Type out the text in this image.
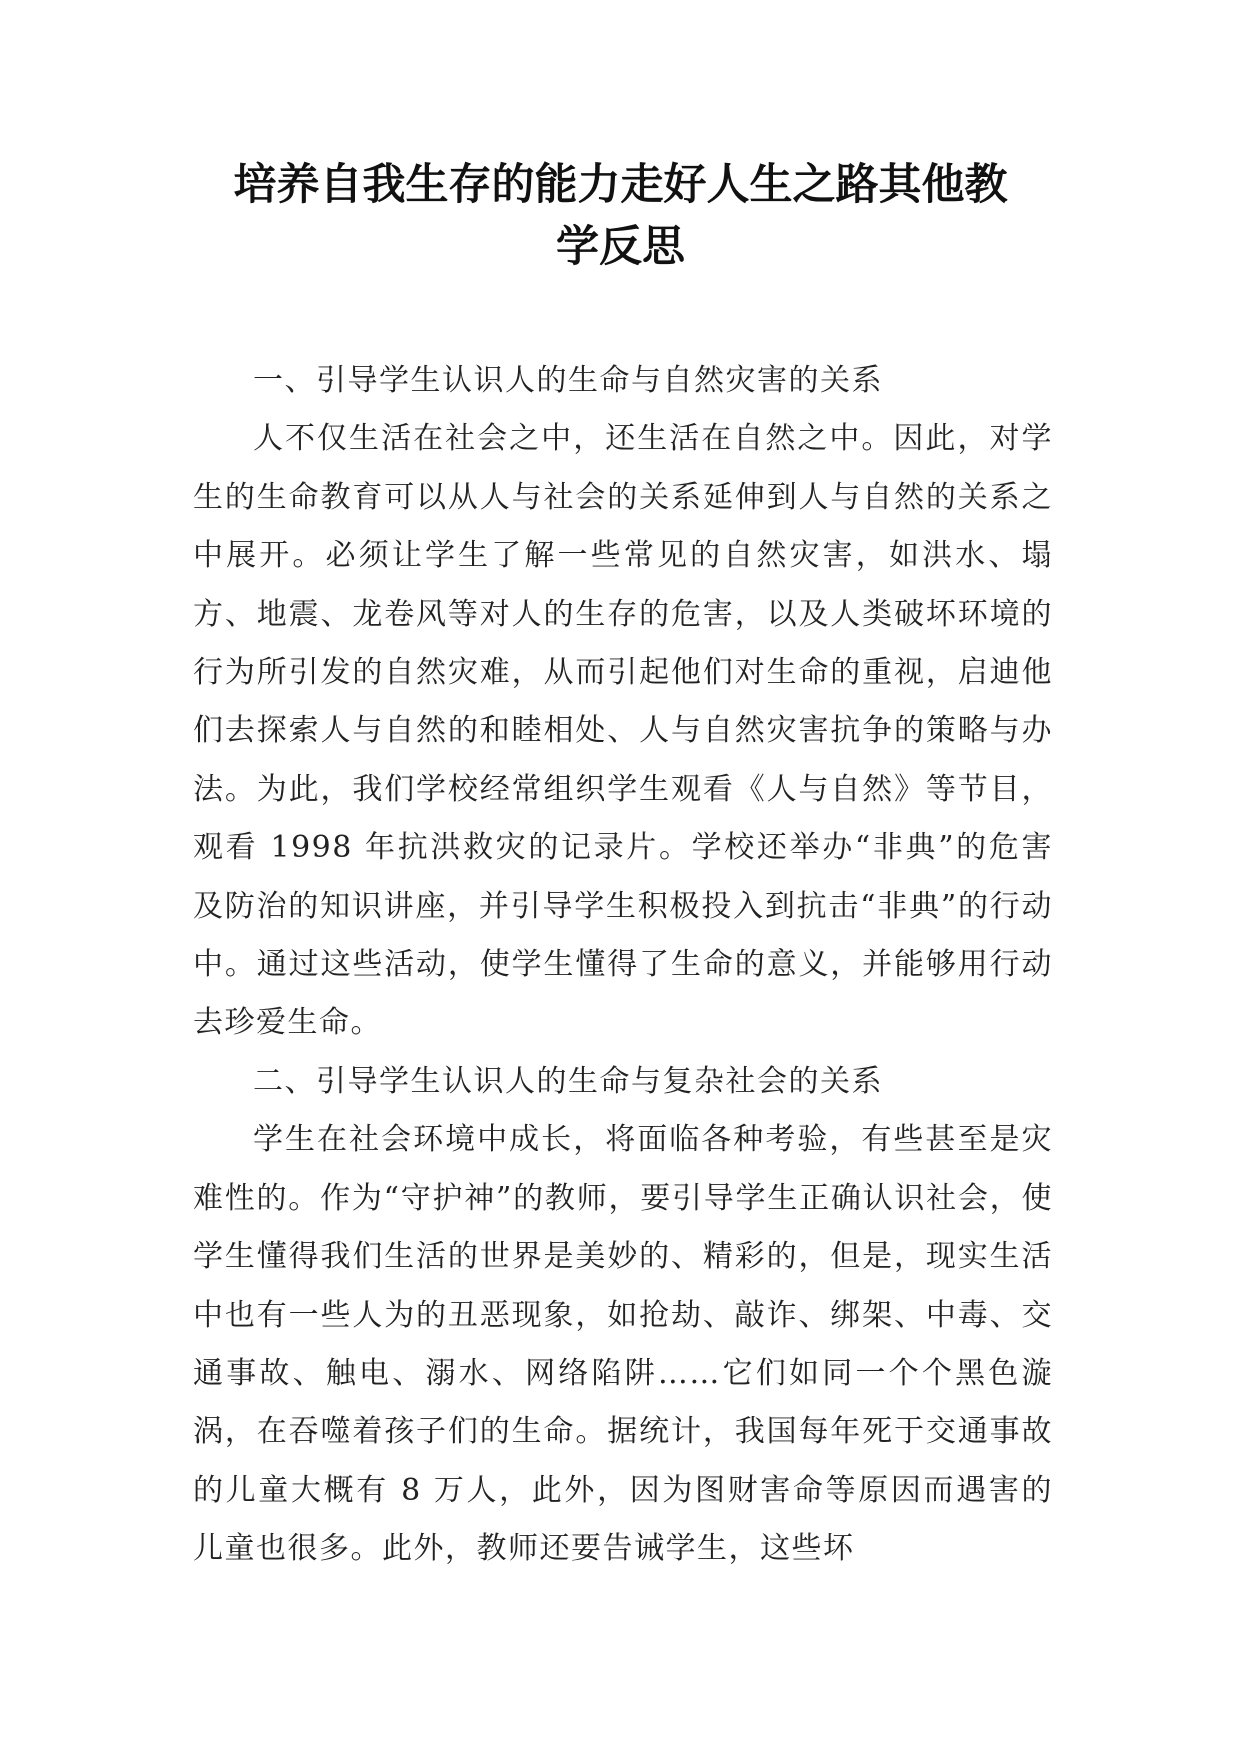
培养自我生存的能力走好人生之路其他教
学反思

一、引导学生认识人的生命与自然灾害的关系

人不仅生活在社会之中，还生活在自然之中。因此，对学生的生命教育可以从人与社会的关系延伸到人与自然的关系之中展开。必须让学生了解一些常见的自然灾害，如洪水、塌方、地震、龙卷风等对人的生存的危害，以及人类破坏环境的行为所引发的自然灾难，从而引起他们对生命的重视，启迪他们去探索人与自然的和睦相处、人与自然灾害抗争的策略与办法。为此，我们学校经常组织学生观看《人与自然》等节目，观看 1998 年抗洪救灾的记录片。学校还举办“非典”的危害及防治的知识讲座，并引导学生积极投入到抗击“非典”的行动中。通过这些活动，使学生懂得了生命的意义，并能够用行动去珍爱生命。

二、引导学生认识人的生命与复杂社会的关系

学生在社会环境中成长，将面临各种考验，有些甚至是灾难性的。作为“守护神”的教师，要引导学生正确认识社会，使学生懂得我们生活的世界是美妙的、精彩的，但是，现实生活中也有一些人为的丑恶现象，如抢劫、敲诈、绑架、中毒、交通事故、触电、溺水、网络陷阱……它们如同一个个黑色漩涡，在吞噬着孩子们的生命。据统计，我国每年死于交通事故的儿童大概有 8 万人，此外，因为图财害命等原因而遇害的儿童也很多。此外，教师还要告诫学生，这些坏
